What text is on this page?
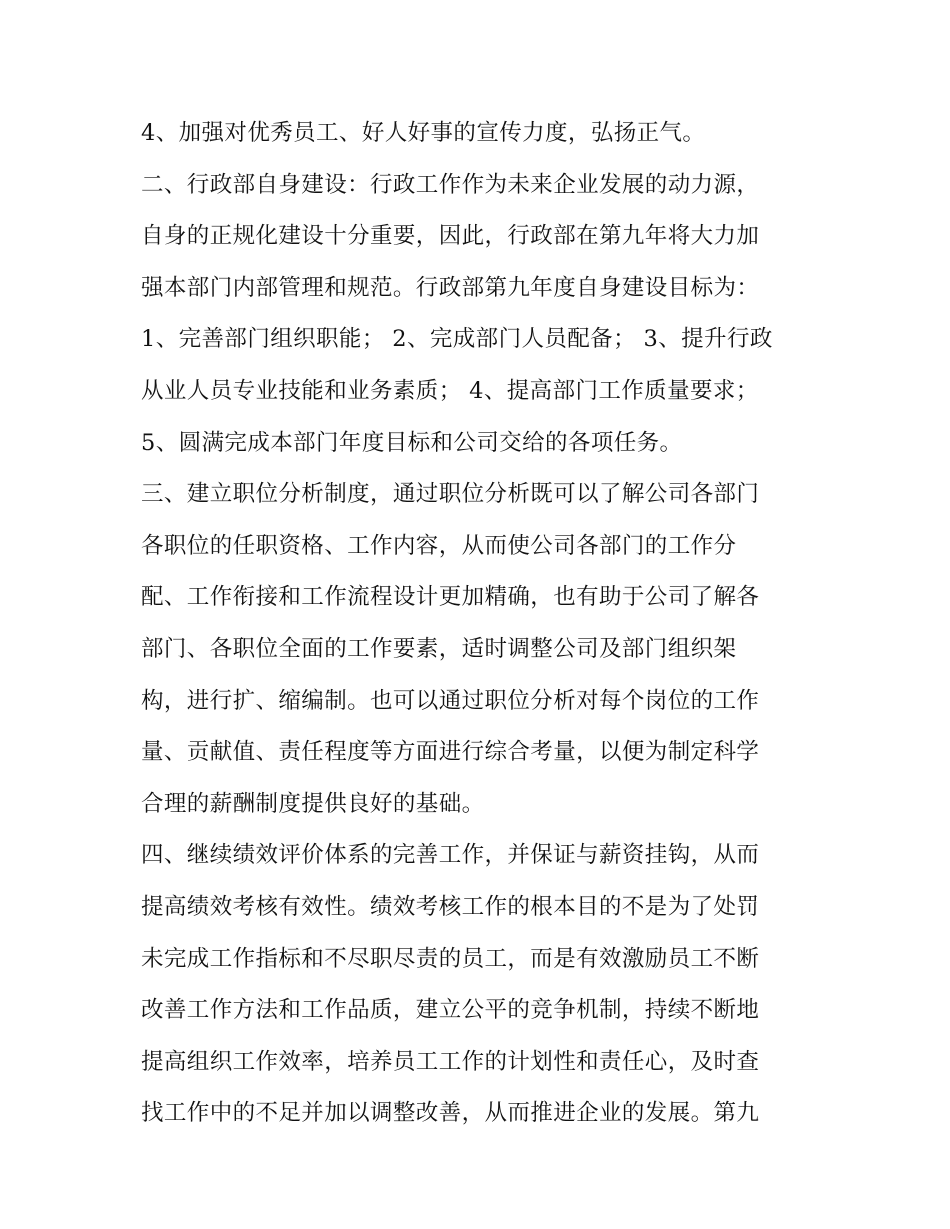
4、加强对优秀员工、好人好事的宣传力度，弘扬正气。
二、行政部自身建设：行政工作作为未来企业发展的动力源，
自身的正规化建设十分重要，因此，行政部在第九年将大力加
强本部门内部管理和规范。行政部第九年度自身建设目标为：
1、完善部门组织职能； 2、完成部门人员配备； 3、提升行政
从业人员专业技能和业务素质； 4、提高部门工作质量要求；
5、圆满完成本部门年度目标和公司交给的各项任务。
三、建立职位分析制度，通过职位分析既可以了解公司各部门
各职位的任职资格、工作内容，从而使公司各部门的工作分
配、工作衔接和工作流程设计更加精确，也有助于公司了解各
部门、各职位全面的工作要素，适时调整公司及部门组织架
构，进行扩、缩编制。也可以通过职位分析对每个岗位的工作
量、贡献值、责任程度等方面进行综合考量，以便为制定科学
合理的薪酬制度提供良好的基础。
四、继续绩效评价体系的完善工作，并保证与薪资挂钩，从而
提高绩效考核有效性。绩效考核工作的根本目的不是为了处罚
未完成工作指标和不尽职尽责的员工，而是有效激励员工不断
改善工作方法和工作品质，建立公平的竞争机制，持续不断地
提高组织工作效率，培养员工工作的计划性和责任心，及时查
找工作中的不足并加以调整改善，从而推进企业的发展。第九
